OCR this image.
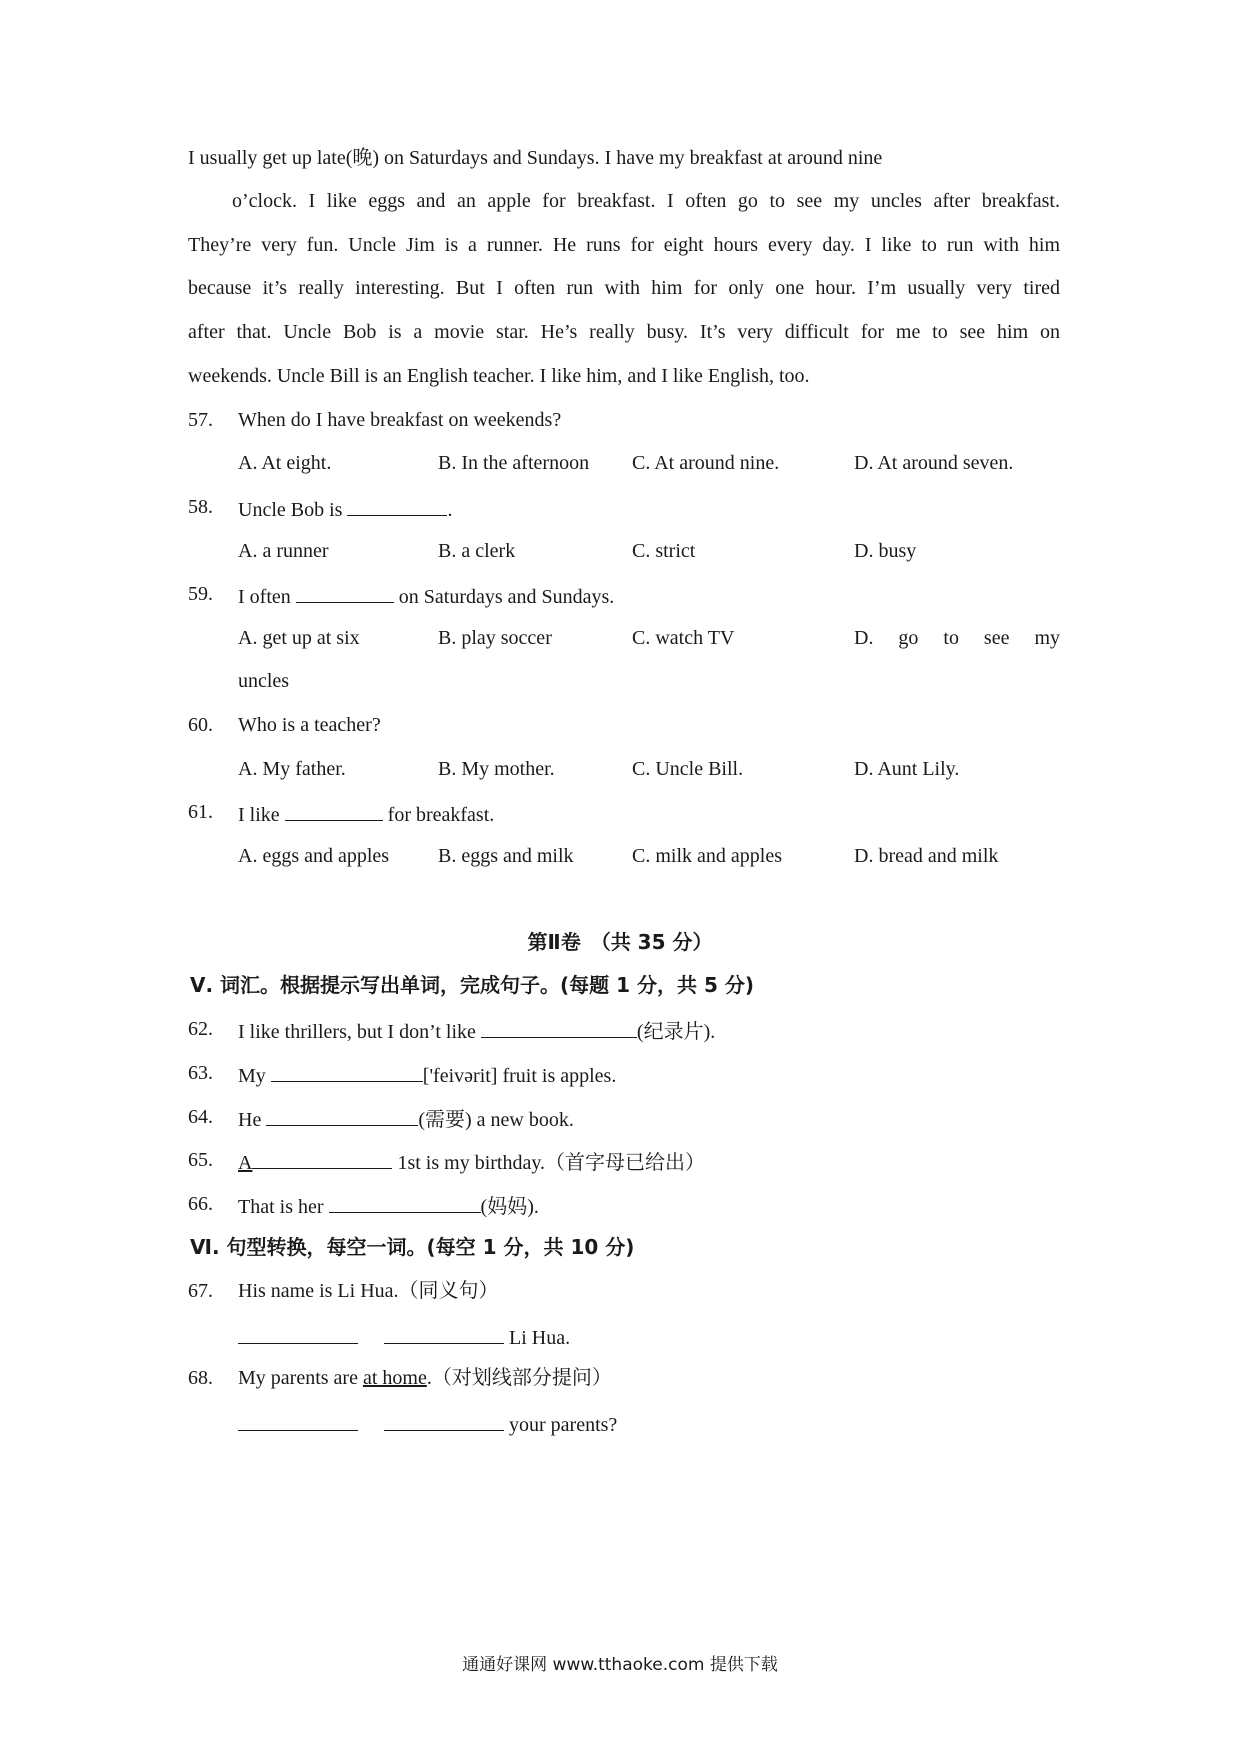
I usually get up late(晚) on Saturdays and Sundays. I have my breakfast at around nine
o’clock. I like eggs and an apple for breakfast. I often go to see my uncles after breakfast.
They’re very fun. Uncle Jim is a runner. He runs for eight hours every day. I like to run with him
because it’s really interesting. But I often run with him for only one hour. I’m usually very tired
after that. Uncle Bob is a movie star. He’s really busy. It’s very difficult for me to see him on
weekends. Uncle Bill is an English teacher. I like him, and I like English, too.
57. When do I have breakfast on weekends?
A. At eight.	B. In the afternoon C. At around nine.	D. At around seven.
58. Uncle Bob is	.
A. a runner	B. a clerk	C. strict	D. busy
59. I often	on Saturdays and Sundays.
A. get up at six	B. play soccer	C. watch TV	D. go to see my
uncles
60. Who is a teacher?
A. My father.	B. My mother.	C. Uncle Bill.	D. Aunt Lily.
61. I like	for breakfast.
A. eggs and apples B. eggs and milk	C. milk and apples	D. bread and milk
第Ⅱ卷　（共 35 分）
Ⅴ. 词汇。根据提示写出单词，完成句子。(每题 1 分，共 5 分)
62. I like thrillers, but I don’t like	(纪录片).
63. My	['feivərit] fruit is apples.
64. He	(需要) a new book.
65. A	1st is my birthday.（首字母已给出）
66. That is her	(妈妈).
Ⅵ. 句型转换，每空一词。(每空 1 分，共 10 分)
67. His name is Li Hua.（同义句）
Li Hua.
68. My parents are at home.（对划线部分提问）
your parents?
通通好课网 www.tthaoke.com 提供下载
